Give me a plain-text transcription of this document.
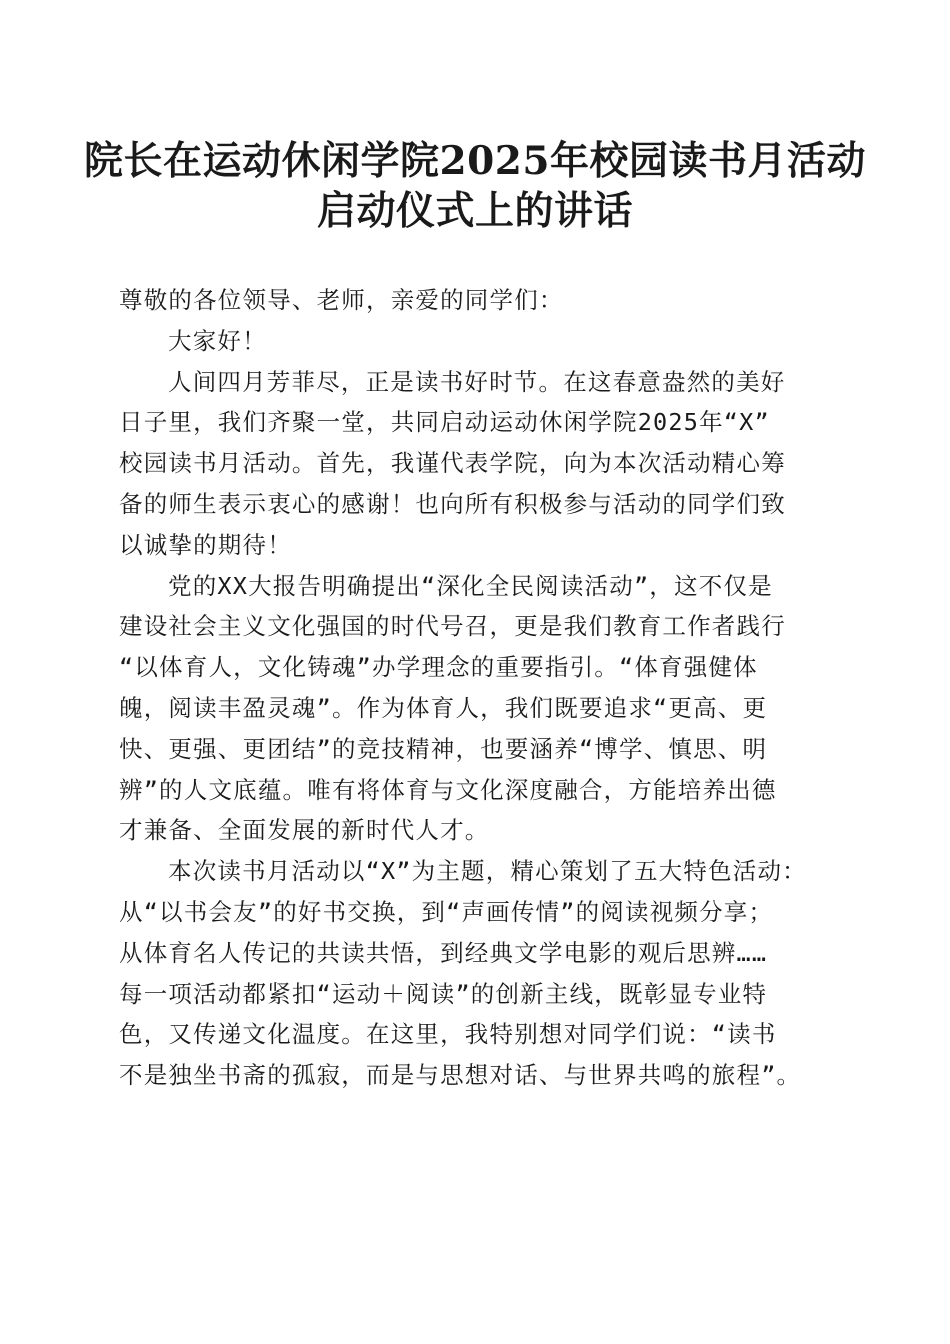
院长在运动休闲学院2025年校园读书月活动
启动仪式上的讲话
尊敬的各位领导、老师，亲爱的同学们：
大家好！
人间四月芳菲尽，正是读书好时节。在这春意盎然的美好
日子里，我们齐聚一堂，共同启动运动休闲学院2025年“X”
校园读书月活动。首先，我谨代表学院，向为本次活动精心筹
备的师生表示衷心的感谢！也向所有积极参与活动的同学们致
以诚挚的期待！
党的XX大报告明确提出“深化全民阅读活动”，这不仅是
建设社会主义文化强国的时代号召，更是我们教育工作者践行
“以体育人，文化铸魂”办学理念的重要指引。“体育强健体
魄，阅读丰盈灵魂”。作为体育人，我们既要追求“更高、更
快、更强、更团结”的竞技精神，也要涵养“博学、慎思、明
辨”的人文底蕴。唯有将体育与文化深度融合，方能培养出德
才兼备、全面发展的新时代人才。
本次读书月活动以“X”为主题，精心策划了五大特色活动：
从“以书会友”的好书交换，到“声画传情”的阅读视频分享；
从体育名人传记的共读共悟，到经典文学电影的观后思辨……
每一项活动都紧扣“运动＋阅读”的创新主线，既彰显专业特
色，又传递文化温度。在这里，我特别想对同学们说：“读书
不是独坐书斋的孤寂，而是与思想对话、与世界共鸣的旅程”。
